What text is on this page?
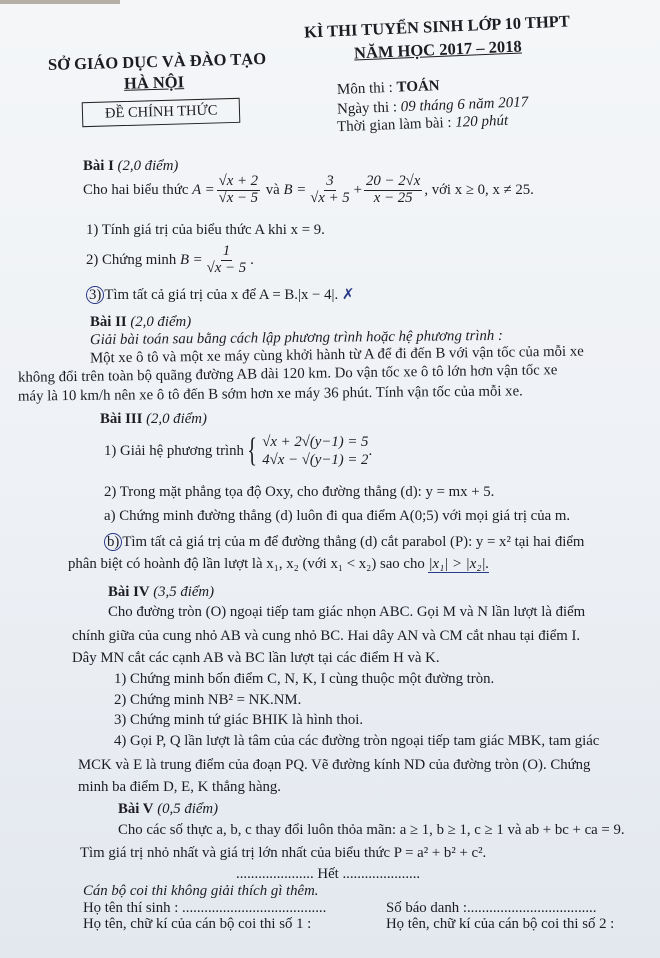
SỞ GIÁO DỤC VÀ ĐÀO TẠO
HÀ NỘI
ĐỀ CHÍNH THỨC
KÌ THI TUYỂN SINH LỚP 10 THPT
NĂM HỌC 2017 – 2018
Môn thi : TOÁN
Ngày thi : 09 tháng 6 năm 2017
Thời gian làm bài : 120 phút
Bài I (2,0 điểm)
Cho hai biểu thức
$A = \frac{√x + 2}{√x - 5}$
và
$B = \frac{3}{√x + 5} + \frac{20 - 2√x}{x - 25}$ , với x ≥ 0, x ≠ 25.
1) Tính giá trị của biểu thức A khi x = 9.
2) Chứng minh
$B = \frac{1}{√x - 5}$ .
3) Tìm tất cả giá trị của x để A = B.|x − 4|. ✗
Bài II (2,0 điểm)
Giải bài toán sau bằng cách lập phương trình hoặc hệ phương trình :
Một xe ô tô và một xe máy cùng khởi hành từ A để đi đến B với vận tốc của mỗi xe
không đổi trên toàn bộ quãng đường AB dài 120 km. Do vận tốc xe ô tô lớn hơn vận tốc xe
máy là 10 km/h nên xe ô tô đến B sớm hơn xe máy 36 phút. Tính vận tốc của mỗi xe.
Bài III (2,0 điểm)
1) Giải hệ phương trình { √x + 2√(y−1) = 5
4√x − √(y−1) = 2
.
2) Trong mặt phẳng tọa độ Oxy, cho đường thẳng (d): y = mx + 5.
a) Chứng minh đường thẳng (d) luôn đi qua điểm A(0;5) với mọi giá trị của m.
b) Tìm tất cả giá trị của m để đường thẳng (d) cắt parabol (P): y = x² tại hai điểm
phân biệt có hoành độ lần lượt là x₁, x₂ (với x₁ < x₂) sao cho |x₁| > |x₂|.
Bài IV (3,5 điểm)
Cho đường tròn (O) ngoại tiếp tam giác nhọn ABC. Gọi M và N lần lượt là điểm
chính giữa của cung nhỏ AB và cung nhỏ BC. Hai dây AN và CM cắt nhau tại điểm I.
Dây MN cắt các cạnh AB và BC lần lượt tại các điểm H và K.
1) Chứng minh bốn điểm C, N, K, I cùng thuộc một đường tròn.
2) Chứng minh NB² = NK.NM.
3) Chứng minh tứ giác BHIK là hình thoi.
4) Gọi P, Q lần lượt là tâm của các đường tròn ngoại tiếp tam giác MBK, tam giác
MCK và E là trung điểm của đoạn PQ. Vẽ đường kính ND của đường tròn (O). Chứng
minh ba điểm D, E, K thẳng hàng.
Bài V (0,5 điểm)
Cho các số thực a, b, c thay đổi luôn thỏa mãn: a ≥ 1, b ≥ 1, c ≥ 1 và ab + bc + ca = 9.
Tìm giá trị nhỏ nhất và giá trị lớn nhất của biểu thức P = a² + b² + c².
..................... Hết .....................
Cán bộ coi thi không giải thích gì thêm.
Họ tên thí sinh : .......................................	Số báo danh :...................................
Họ tên, chữ kí của cán bộ coi thi số 1 :	Họ tên, chữ kí của cán bộ coi thi số 2 :
